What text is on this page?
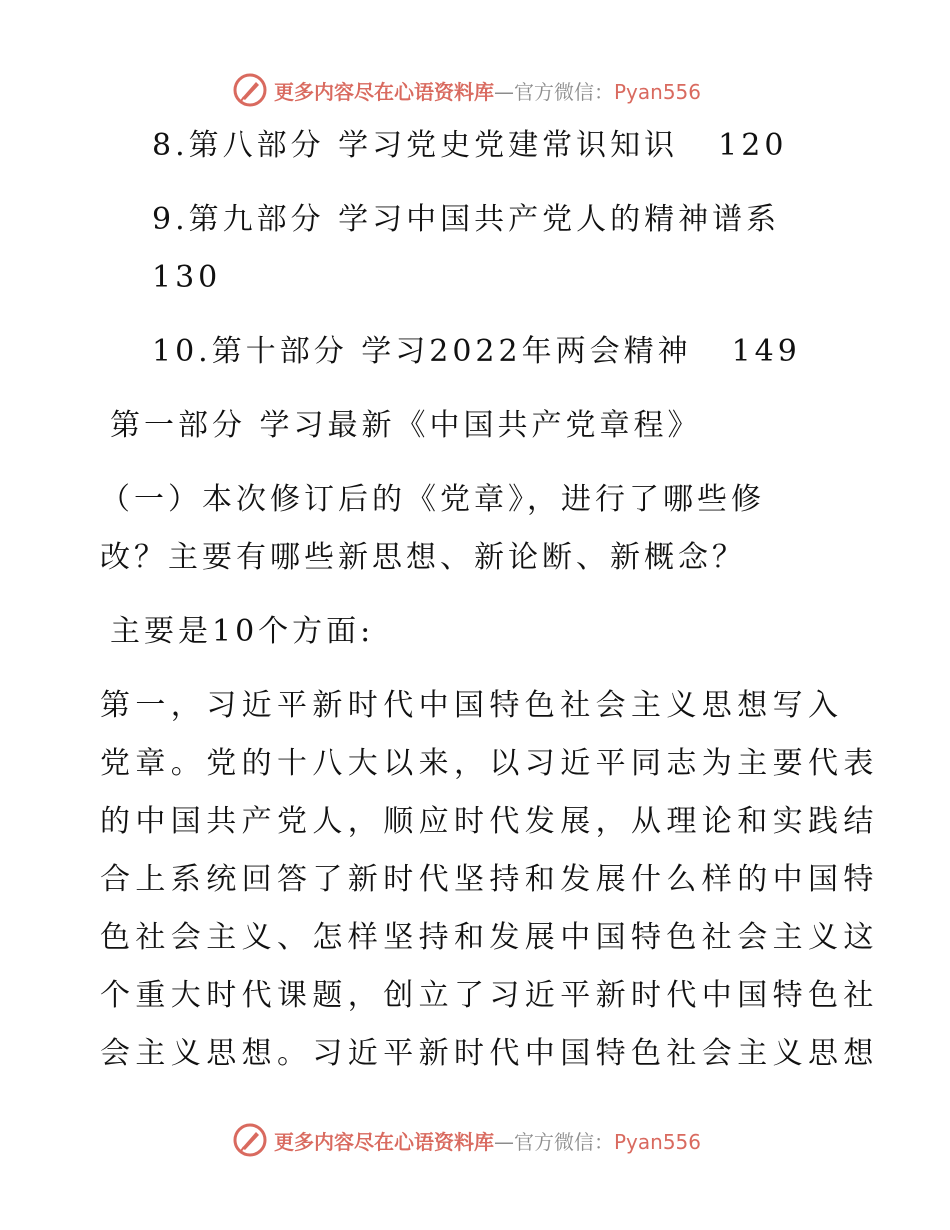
更多内容尽在心语资料库—官方微信：Pyan556
8.第八部分 学习党史党建常识知识 120
9.第九部分 学习中国共产党人的精神谱系
130
10.第十部分 学习2022年两会精神 149
第一部分 学习最新《中国共产党章程》
（一）本次修订后的《党章》，进行了哪些修
改？主要有哪些新思想、新论断、新概念？
主要是10个方面:
第一，习近平新时代中国特色社会主义思想写入
党章。党的十八大以来，以习近平同志为主要代表
的中国共产党人，顺应时代发展，从理论和实践结
合上系统回答了新时代坚持和发展什么样的中国特
色社会主义、怎样坚持和发展中国特色社会主义这
个重大时代课题，创立了习近平新时代中国特色社
会主义思想。习近平新时代中国特色社会主义思想
更多内容尽在心语资料库—官方微信：Pyan556
